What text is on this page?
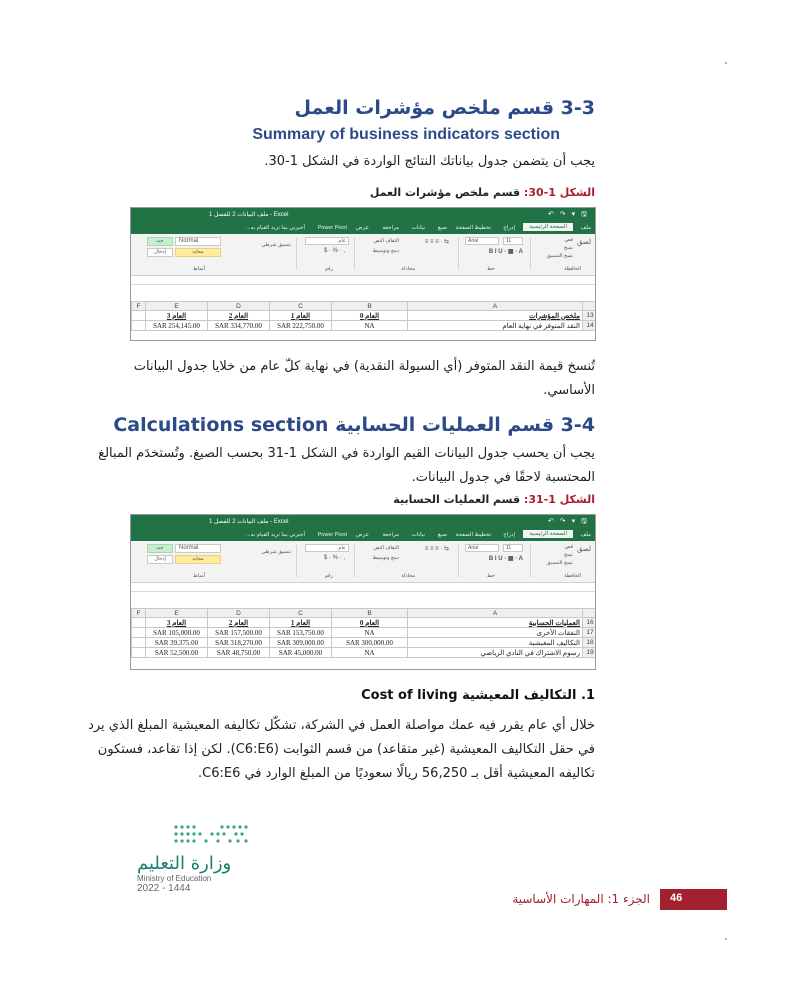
3-3 قسم ملخص مؤشرات العمل
Summary of business indicators section
يجب أن يتضمن جدول بياناتك النتائج الواردة في الشكل 1-30.
الشكل 1-30: قسم ملخص مؤشرات العمل
ملف البيانات 2 للفصل 1 - Excel	↶ ↷ ▾ 🖫
ملف
الصفحة الرئيسية
إدراج
تخطيط الصفحة
صيغ
بيانات
مراجعة
عرض
Power Pivot
أخبرني بما تريد القيام به...
لصق
قص
نسخ
نسخ التنسيق
الحافظة
Arial	11
B I U · ▦ · A
خط
≡ ≡ ≡ · ⇆
التفاف النص
دمج وتوسيط
محاذاة
عام
$ · % · ,
رقم
تنسيق شرطي
Normal
جيد
محايد
إدخال
أنماط
F	E	D	C	B	A	
	العام 3	العام 2	العام 1	العام 0	ملخص المؤشرات	13
	SAR 254,145.00	SAR 334,770.00	SAR 222,750.00	NA	النقد المتوفر في نهاية العام	14
تُنسخ قيمة النقد المتوفر (أي السيولة النقدية) في نهاية كلّ عام من خلايا جدول البيانات
الأساسي.
3-4 قسم العمليات الحسابية Calculations section
يجب أن يحسب جدول البيانات القيم الواردة في الشكل 1-31 بحسب الصيغ. وتُستخدَم المبالغ
المحتسبة لاحقًا في جدول البيانات.
الشكل 1-31: قسم العمليات الحسابية
ملف البيانات 2 للفصل 1 - Excel	↶ ↷ ▾ 🖫
ملف
الصفحة الرئيسية
إدراج
تخطيط الصفحة
صيغ
بيانات
مراجعة
عرض
Power Pivot
أخبرني بما تريد القيام به...
لصق
قص
نسخ
نسخ التنسيق
الحافظة
Arial	11
B I U · ▦ · A
خط
≡ ≡ ≡ · ⇆
التفاف النص
دمج وتوسيط
محاذاة
عام
$ · % · ,
رقم
تنسيق شرطي
Normal
جيد
محايد
إدخال
أنماط
F	E	D	C	B	A	
	العام 3	العام 2	العام 1	العام 0	العمليات الحسابية	16
	SAR 105,000.00	SAR 157,500.00	SAR 153,750.00	NA	النفقات الأخرى	17
	SAR 39,375.00	SAR 318,270.00	SAR 309,000.00	SAR 300,000.00	التكاليف المعيشية	18
	SAR 52,500.00	SAR 48,750.00	SAR 45,000.00	NA	رسوم الاشتراك في النادي الرياضي	19
1. التكاليف المعيشية Cost of living
خلال أي عام يقرر فيه عمك مواصلة العمل في الشركة، تشكّل تكاليفه المعيشية المبلغ الذي يرد
في حقل التكاليف المعيشية (غير متقاعد) من قسم الثوابت (C6:E6). لكن إذا تقاعد، فستكون
تكاليفه المعيشية أقل بـ 56,250 ريالًا سعوديًا من المبلغ الوارد في C6:E6.
وزارة التعليم
Ministry of Education
2022 - 1444
الجزء 1: المهارات الأساسية	46
